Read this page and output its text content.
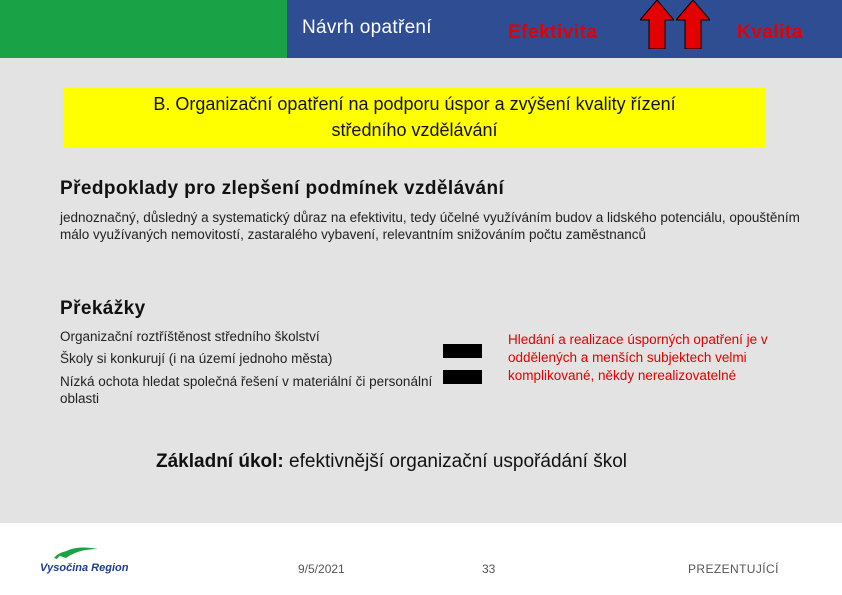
Návrh opatření	Efektivita	Kvalita
B. Organizační opatření na podporu úspor a zvýšení kvality řízení
středního vzdělávání
Předpoklady pro zlepšení podmínek vzdělávání
jednoznačný, důsledný a systematický důraz na efektivitu, tedy účelné využíváním budov a lidského potenciálu, opouštěním málo využívaných nemovitostí, zastaralého vybavení, relevantním snižováním počtu zaměstnanců
Překážky
Organizační roztříštěnost středního školství
Školy si konkurují (i na území jednoho města)
Nízká ochota hledat společná řešení v materiální či personální oblasti
Hledání a realizace úsporných opatření je v oddělených a menších subjektech velmi komplikované, někdy nerealizovatelné
Základní úkol: efektivnější organizační uspořádání škol
Vysočina Region	9/5/2021	33	PREZENTUJÍCÍ
